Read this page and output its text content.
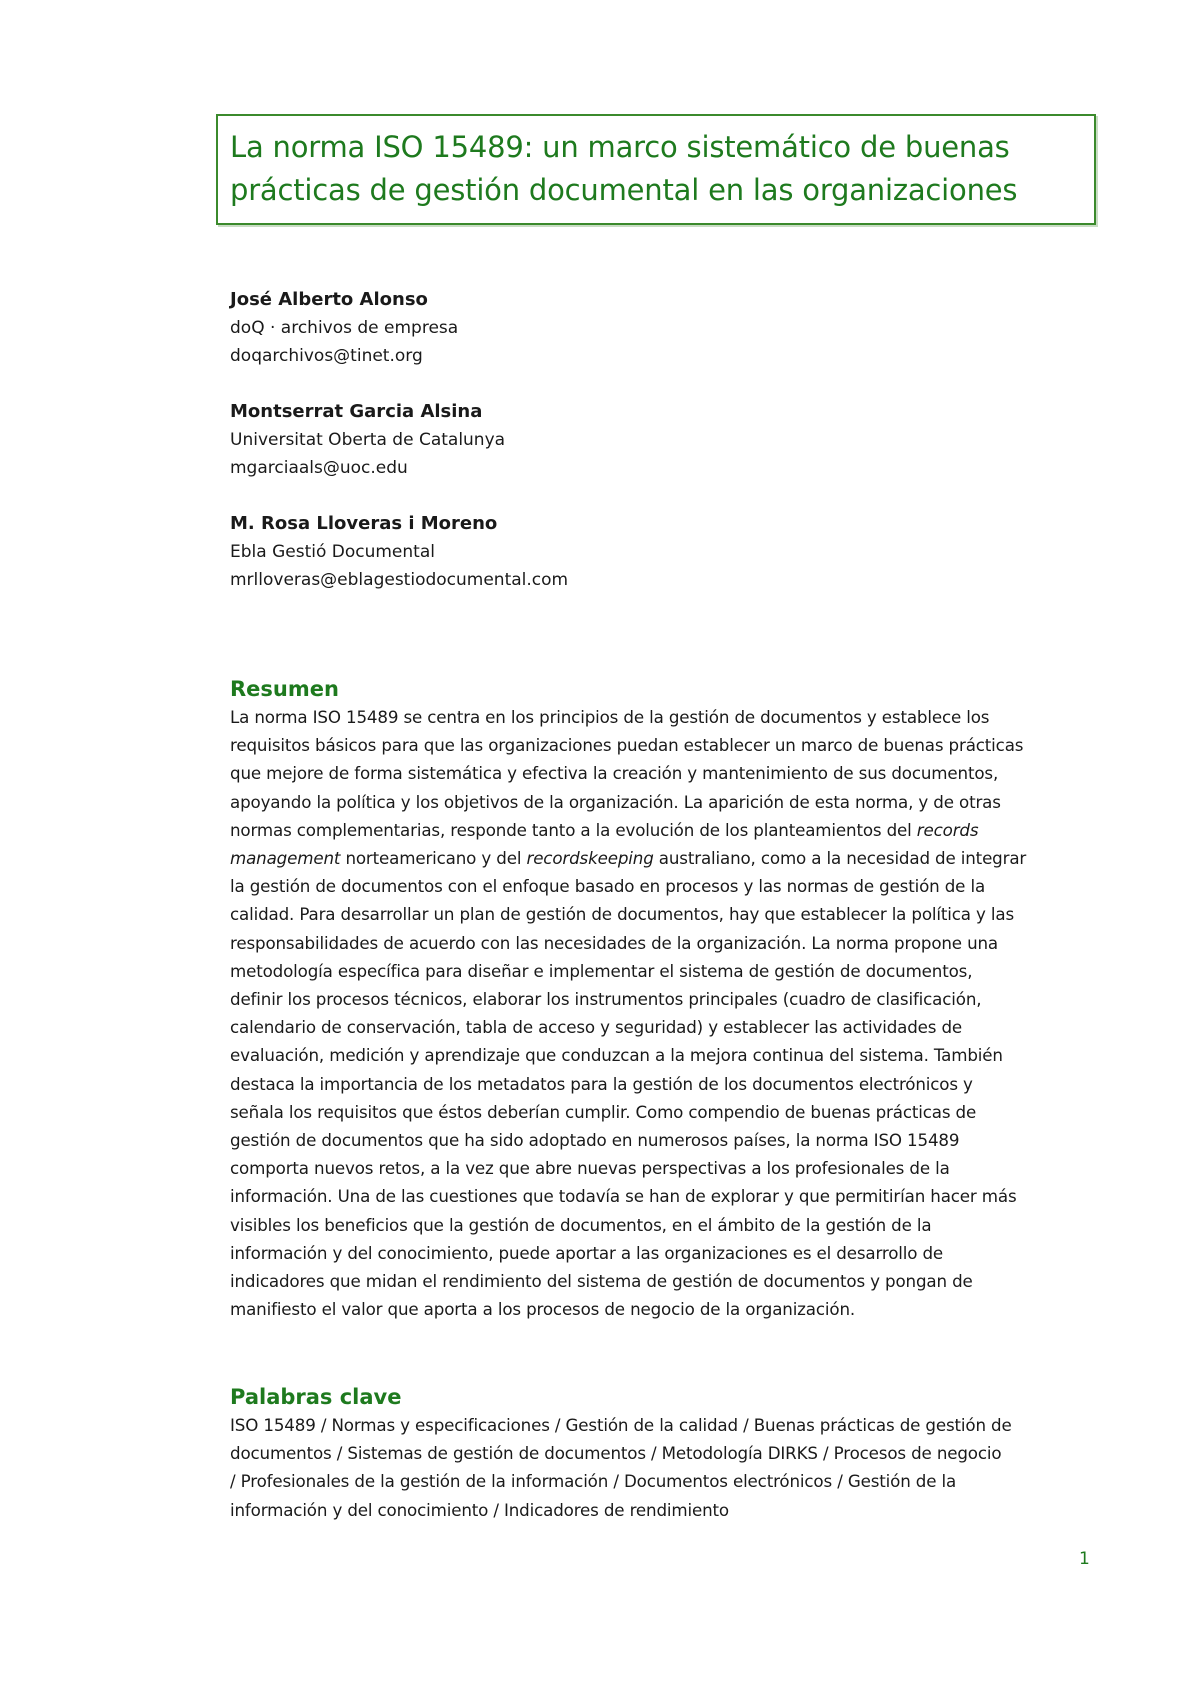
La norma ISO 15489: un marco sistemático de buenas
prácticas de gestión documental en las organizaciones
José Alberto Alonso
doQ · archivos de empresa
doqarchivos@tinet.org
Montserrat Garcia Alsina
Universitat Oberta de Catalunya
mgarciaals@uoc.edu
M. Rosa Lloveras i Moreno
Ebla Gestió Documental
mrlloveras@eblagestiodocumental.com
Resumen
La norma ISO 15489 se centra en los principios de la gestión de documentos y establece los
requisitos básicos para que las organizaciones puedan establecer un marco de buenas prácticas
que mejore de forma sistemática y efectiva la creación y mantenimiento de sus documentos,
apoyando la política y los objetivos de la organización. La aparición de esta norma, y de otras
normas complementarias, responde tanto a la evolución de los planteamientos del records
management norteamericano y del recordskeeping australiano, como a la necesidad de integrar
la gestión de documentos con el enfoque basado en procesos y las normas de gestión de la
calidad. Para desarrollar un plan de gestión de documentos, hay que establecer la política y las
responsabilidades de acuerdo con las necesidades de la organización. La norma propone una
metodología específica para diseñar e implementar el sistema de gestión de documentos,
definir los procesos técnicos, elaborar los instrumentos principales (cuadro de clasificación,
calendario de conservación, tabla de acceso y seguridad) y establecer las actividades de
evaluación, medición y aprendizaje que conduzcan a la mejora continua del sistema. También
destaca la importancia de los metadatos para la gestión de los documentos electrónicos y
señala los requisitos que éstos deberían cumplir. Como compendio de buenas prácticas de
gestión de documentos que ha sido adoptado en numerosos países, la norma ISO 15489
comporta nuevos retos, a la vez que abre nuevas perspectivas a los profesionales de la
información. Una de las cuestiones que todavía se han de explorar y que permitirían hacer más
visibles los beneficios que la gestión de documentos, en el ámbito de la gestión de la
información y del conocimiento, puede aportar a las organizaciones es el desarrollo de
indicadores que midan el rendimiento del sistema de gestión de documentos y pongan de
manifiesto el valor que aporta a los procesos de negocio de la organización.
Palabras clave
ISO 15489 / Normas y especificaciones / Gestión de la calidad / Buenas prácticas de gestión de
documentos / Sistemas de gestión de documentos / Metodología DIRKS / Procesos de negocio
/ Profesionales de la gestión de la información / Documentos electrónicos / Gestión de la
información y del conocimiento / Indicadores de rendimiento
1
